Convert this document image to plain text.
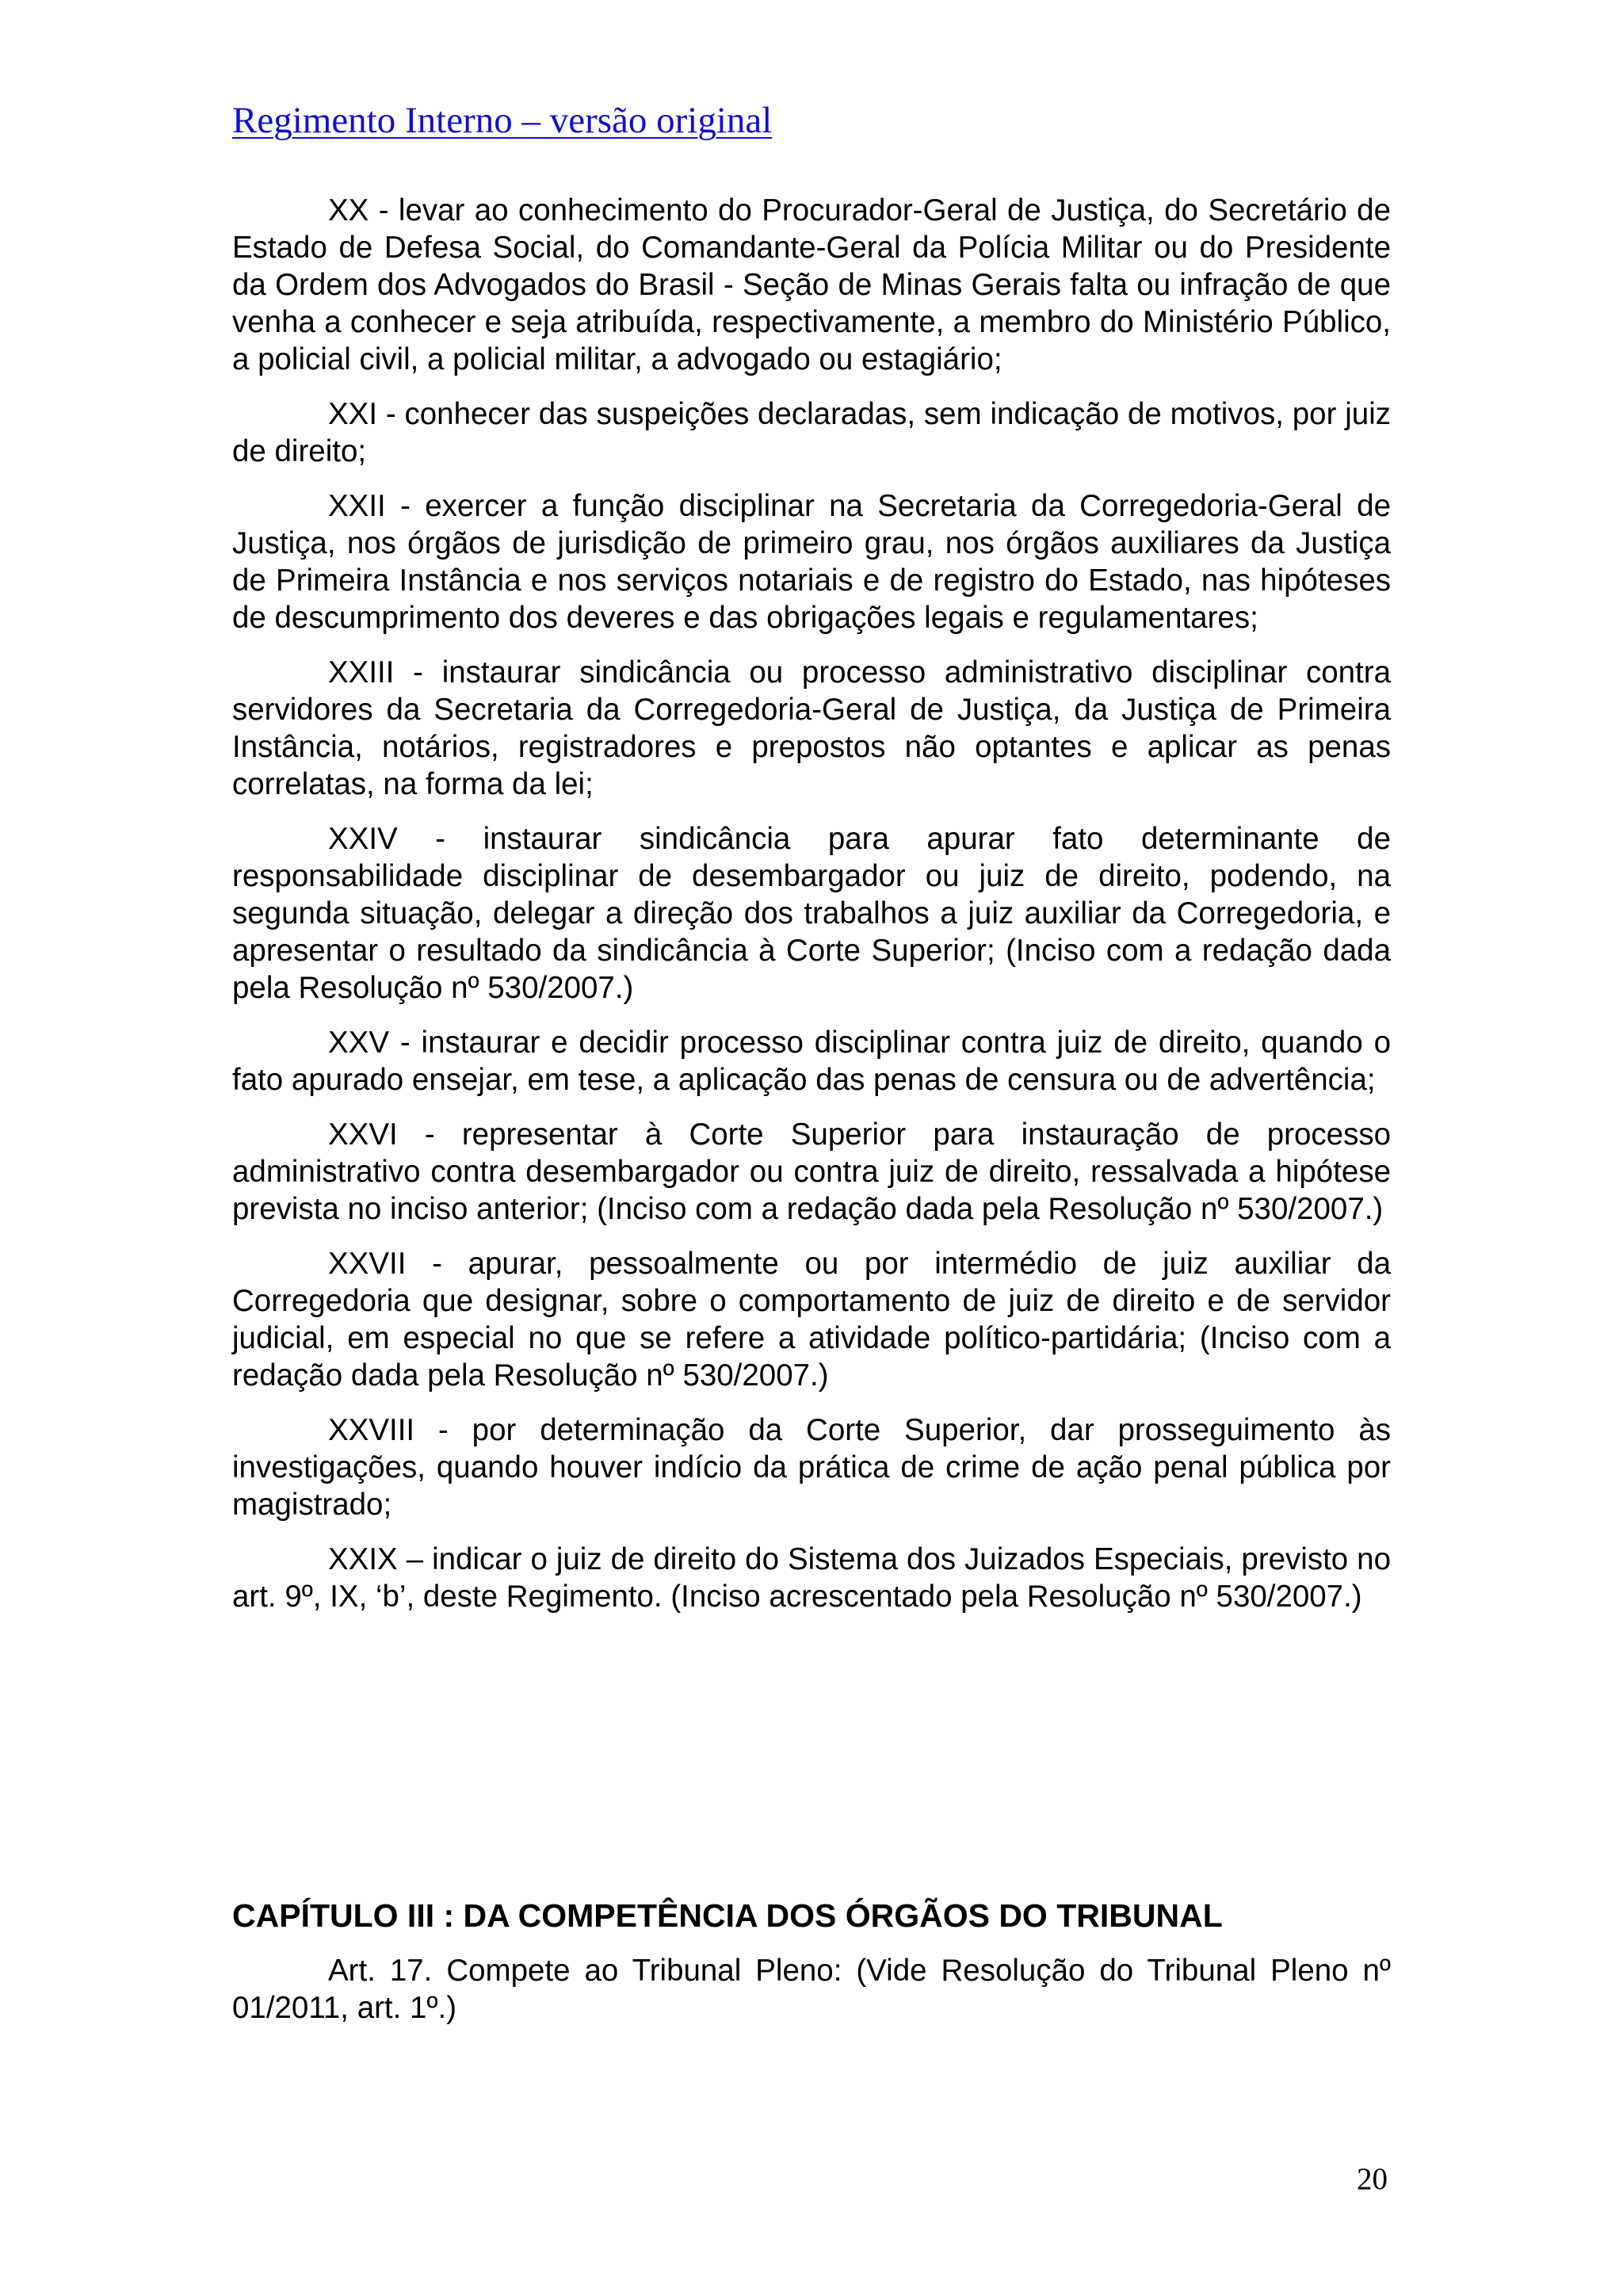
Regimento Interno – versão original

XX - levar ao conhecimento do Procurador-Geral de Justiça, do Secretário de Estado de Defesa Social, do Comandante-Geral da Polícia Militar ou do Presidente da Ordem dos Advogados do Brasil - Seção de Minas Gerais falta ou infração de que venha a conhecer e seja atribuída, respectivamente, a membro do Ministério Público, a policial civil, a policial militar, a advogado ou estagiário;

XXI - conhecer das suspeições declaradas, sem indicação de motivos, por juiz de direito;

XXII - exercer a função disciplinar na Secretaria da Corregedoria-Geral de Justiça, nos órgãos de jurisdição de primeiro grau, nos órgãos auxiliares da Justiça de Primeira Instância e nos serviços notariais e de registro do Estado, nas hipóteses de descumprimento dos deveres e das obrigações legais e regulamentares;

XXIII - instaurar sindicância ou processo administrativo disciplinar contra servidores da Secretaria da Corregedoria-Geral de Justiça, da Justiça de Primeira Instância, notários, registradores e prepostos não optantes e aplicar as penas correlatas, na forma da lei;

XXIV - instaurar sindicância para apurar fato determinante de responsabilidade disciplinar de desembargador ou juiz de direito, podendo, na segunda situação, delegar a direção dos trabalhos a juiz auxiliar da Corregedoria, e apresentar o resultado da sindicância à Corte Superior; (Inciso com a redação dada pela Resolução nº 530/2007.)

XXV - instaurar e decidir processo disciplinar contra juiz de direito, quando o fato apurado ensejar, em tese, a aplicação das penas de censura ou de advertência;

XXVI - representar à Corte Superior para instauração de processo administrativo contra desembargador ou contra juiz de direito, ressalvada a hipótese prevista no inciso anterior; (Inciso com a redação dada pela Resolução nº 530/2007.)

XXVII - apurar, pessoalmente ou por intermédio de juiz auxiliar da Corregedoria que designar, sobre o comportamento de juiz de direito e de servidor judicial, em especial no que se refere a atividade político-partidária; (Inciso com a redação dada pela Resolução nº 530/2007.)

XXVIII - por determinação da Corte Superior, dar prosseguimento às investigações, quando houver indício da prática de crime de ação penal pública por magistrado;

XXIX – indicar o juiz de direito do Sistema dos Juizados Especiais, previsto no art. 9º, IX, ‘b’, deste Regimento. (Inciso acrescentado pela Resolução nº 530/2007.)

CAPÍTULO III : DA COMPETÊNCIA DOS ÓRGÃOS DO TRIBUNAL

Art. 17. Compete ao Tribunal Pleno: (Vide Resolução do Tribunal Pleno nº 01/2011, art. 1º.)

20
